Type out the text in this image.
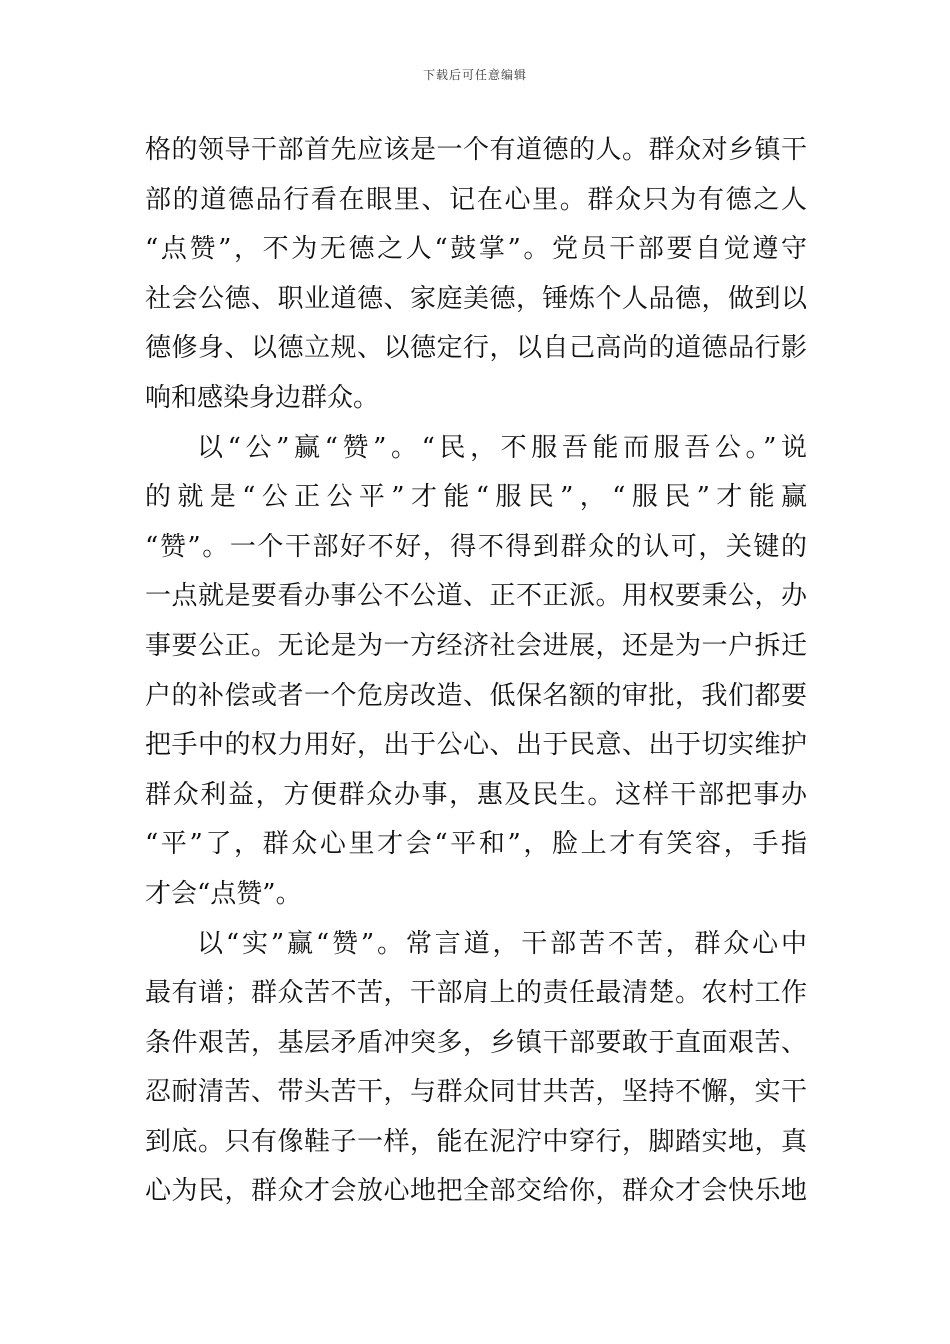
下载后可任意编辑
格的领导干部首先应该是一个有道德的人。群众对乡镇干
部的道德品行看在眼里、记在心里。群众只为有德之人
“点赞”，不为无德之人“鼓掌”。党员干部要自觉遵守
社会公德、职业道德、家庭美德，锤炼个人品德，做到以
德修身、以德立规、以德定行，以自己高尚的道德品行影
响和感染身边群众。
以“公”赢“赞”。“民，不服吾能而服吾公。”说
的就是“公正公平”才能“服民”，“服民”才能赢
“赞”。一个干部好不好，得不得到群众的认可，关键的
一点就是要看办事公不公道、正不正派。用权要秉公，办
事要公正。无论是为一方经济社会进展，还是为一户拆迁
户的补偿或者一个危房改造、低保名额的审批，我们都要
把手中的权力用好，出于公心、出于民意、出于切实维护
群众利益，方便群众办事，惠及民生。这样干部把事办
“平”了，群众心里才会“平和”，脸上才有笑容，手指
才会“点赞”。
以“实”赢“赞”。常言道，干部苦不苦，群众心中
最有谱；群众苦不苦，干部肩上的责任最清楚。农村工作
条件艰苦，基层矛盾冲突多，乡镇干部要敢于直面艰苦、
忍耐清苦、带头苦干，与群众同甘共苦，坚持不懈，实干
到底。只有像鞋子一样，能在泥泞中穿行，脚踏实地，真
心为民，群众才会放心地把全部交给你，群众才会快乐地
